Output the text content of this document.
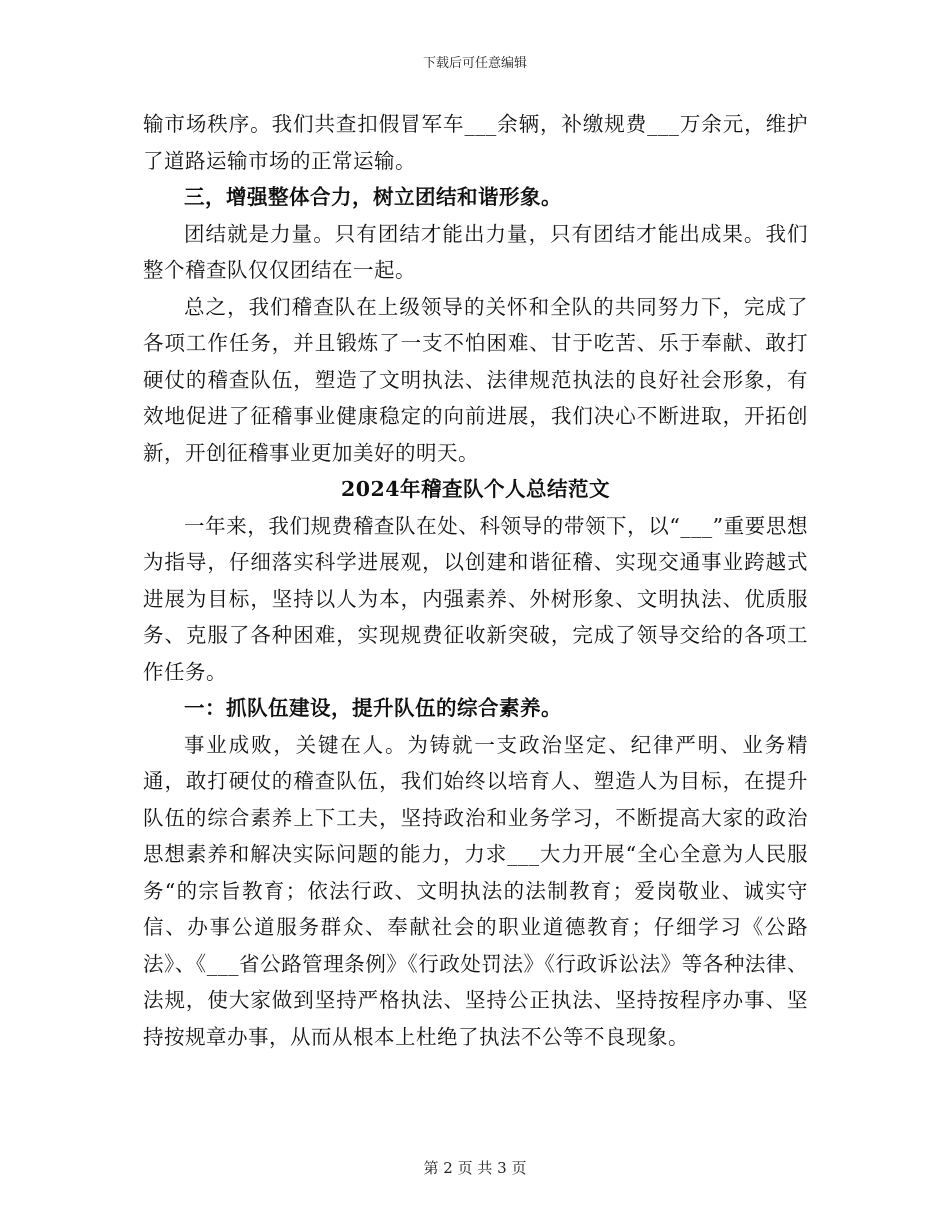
下载后可任意编辑

输市场秩序。我们共查扣假冒军车___余辆，补缴规费___万余元，维护了道路运输市场的正常运输。

三，增强整体合力，树立团结和谐形象。

团结就是力量。只有团结才能出力量，只有团结才能出成果。我们整个稽查队仅仅团结在一起。

总之，我们稽查队在上级领导的关怀和全队的共同努力下，完成了各项工作任务，并且锻炼了一支不怕困难、甘于吃苦、乐于奉献、敢打硬仗的稽查队伍，塑造了文明执法、法律规范执法的良好社会形象，有效地促进了征稽事业健康稳定的向前进展，我们决心不断进取，开拓创新，开创征稽事业更加美好的明天。

2024年稽查队个人总结范文

一年来，我们规费稽查队在处、科领导的带领下，以“___”重要思想为指导，仔细落实科学进展观，以创建和谐征稽、实现交通事业跨越式进展为目标，坚持以人为本，内强素养、外树形象、文明执法、优质服务、克服了各种困难，实现规费征收新突破，完成了领导交给的各项工作任务。

一：抓队伍建设，提升队伍的综合素养。

事业成败，关键在人。为铸就一支政治坚定、纪律严明、业务精通，敢打硬仗的稽查队伍，我们始终以培育人、塑造人为目标，在提升队伍的综合素养上下工夫，坚持政治和业务学习，不断提高大家的政治思想素养和解决实际问题的能力，力求___大力开展“全心全意为人民服务“的宗旨教育；依法行政、文明执法的法制教育；爱岗敬业、诚实守信、办事公道服务群众、奉献社会的职业道德教育；仔细学习《公路法》、《___省公路管理条例》《行政处罚法》《行政诉讼法》等各种法律、法规，使大家做到坚持严格执法、坚持公正执法、坚持按程序办事、坚持按规章办事，从而从根本上杜绝了执法不公等不良现象。

第 2 页 共 3 页
